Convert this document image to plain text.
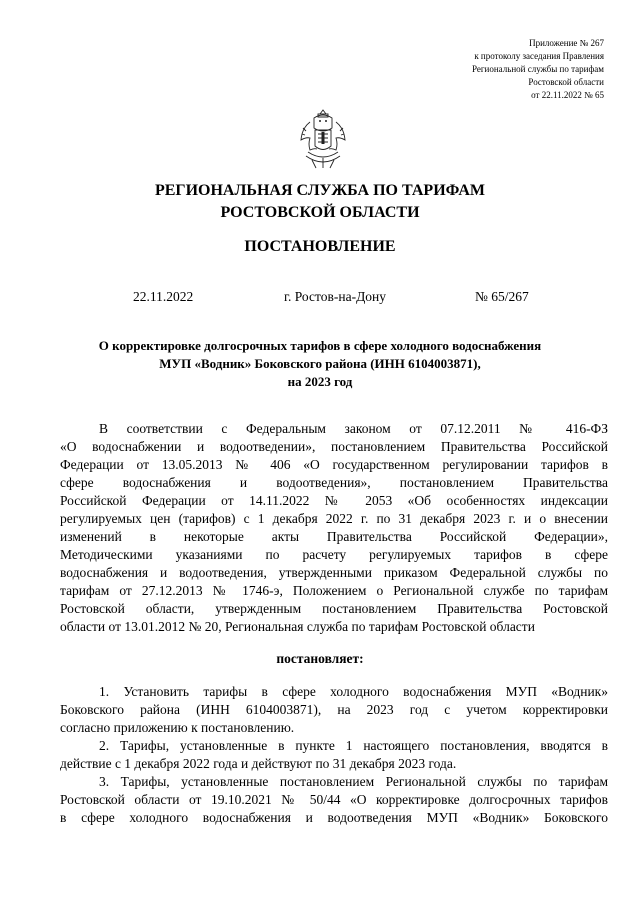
Приложение № 267
к протоколу заседания Правления
Региональной службы по тарифам
Ростовской области
от 22.11.2022 № 65
РЕГИОНАЛЬНАЯ СЛУЖБА ПО ТАРИФАМ
РОСТОВСКОЙ ОБЛАСТИ
ПОСТАНОВЛЕНИЕ
22.11.2022	г. Ростов-на-Дону	№ 65/267
О корректировке долгосрочных тарифов в сфере холодного водоснабжения
МУП «Водник» Боковского района (ИНН 6104003871),
на 2023 год
В соответствии с Федеральным законом от 07.12.2011 № 416-ФЗ
«О водоснабжении и водоотведении», постановлением Правительства Российской
Федерации от 13.05.2013 № 406 «О государственном регулировании тарифов в
сфере водоснабжения и водоотведения», постановлением Правительства
Российской Федерации от 14.11.2022 № 2053 «Об особенностях индексации
регулируемых цен (тарифов) с 1 декабря 2022 г. по 31 декабря 2023 г. и о внесении
изменений в некоторые акты Правительства Российской Федерации»,
Методическими указаниями по расчету регулируемых тарифов в сфере
водоснабжения и водоотведения, утвержденными приказом Федеральной службы по
тарифам от 27.12.2013 № 1746-э, Положением о Региональной службе по тарифам
Ростовской области, утвержденным постановлением Правительства Ростовской
области от 13.01.2012 № 20, Региональная служба по тарифам Ростовской области
постановляет:
1. Установить тарифы в сфере холодного водоснабжения МУП «Водник»
Боковского района (ИНН 6104003871), на 2023 год с учетом корректировки
согласно приложению к постановлению.
2. Тарифы, установленные в пункте 1 настоящего постановления, вводятся в
действие с 1 декабря 2022 года и действуют по 31 декабря 2023 года.
3. Тарифы, установленные постановлением Региональной службы по тарифам
Ростовской области от 19.10.2021 № 50/44 «О корректировке долгосрочных тарифов
в сфере холодного водоснабжения и водоотведения МУП «Водник» Боковского
